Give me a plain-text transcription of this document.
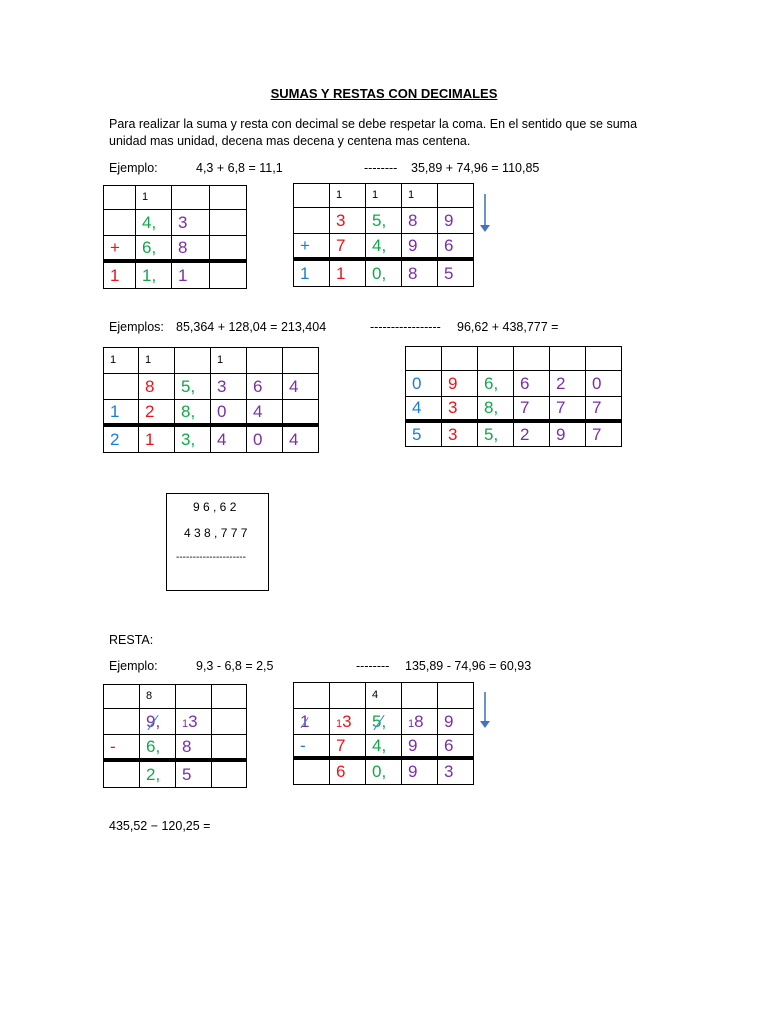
SUMAS Y RESTAS CON DECIMALES
Para realizar la suma y resta con decimal se debe respetar la coma. En el sentido que se suma
unidad mas unidad, decena mas decena y centena mas centena.
Ejemplo:	4,3 + 6,8 = 11,1	-------- 35,89 + 74,96 = 110,85
	1		
	4,	3	
+	6,	8	
1	1,	1	
	1	1	1	
	3	5,	8	9
+	7	4,	9	6
1	1	0,	8	5
Ejemplos: 85,364 + 128,04 = 213,404	----------------- 96,62 + 438,777 =
1	1		1		
	8	5,	3	6	4
1	2	8,	0	4	
2	1	3,	4	0	4

0	9	6,	6	2	0
4	3	8,	7	7	7
5	3	5,	2	9	7
9 6 , 6 2
4 3 8 , 7 7 7
---------------------
RESTA:
Ejemplo:	9,3 - 6,8 = 2,5	-------- 135,89 - 74,96 = 60,93
	8		
	9,	13	
-	6,	8	
	2,	5	
		4		
1	13	5,	18	9
-	7	4,	9	6
	6	0,	9	3
435,52 − 120,25 =
